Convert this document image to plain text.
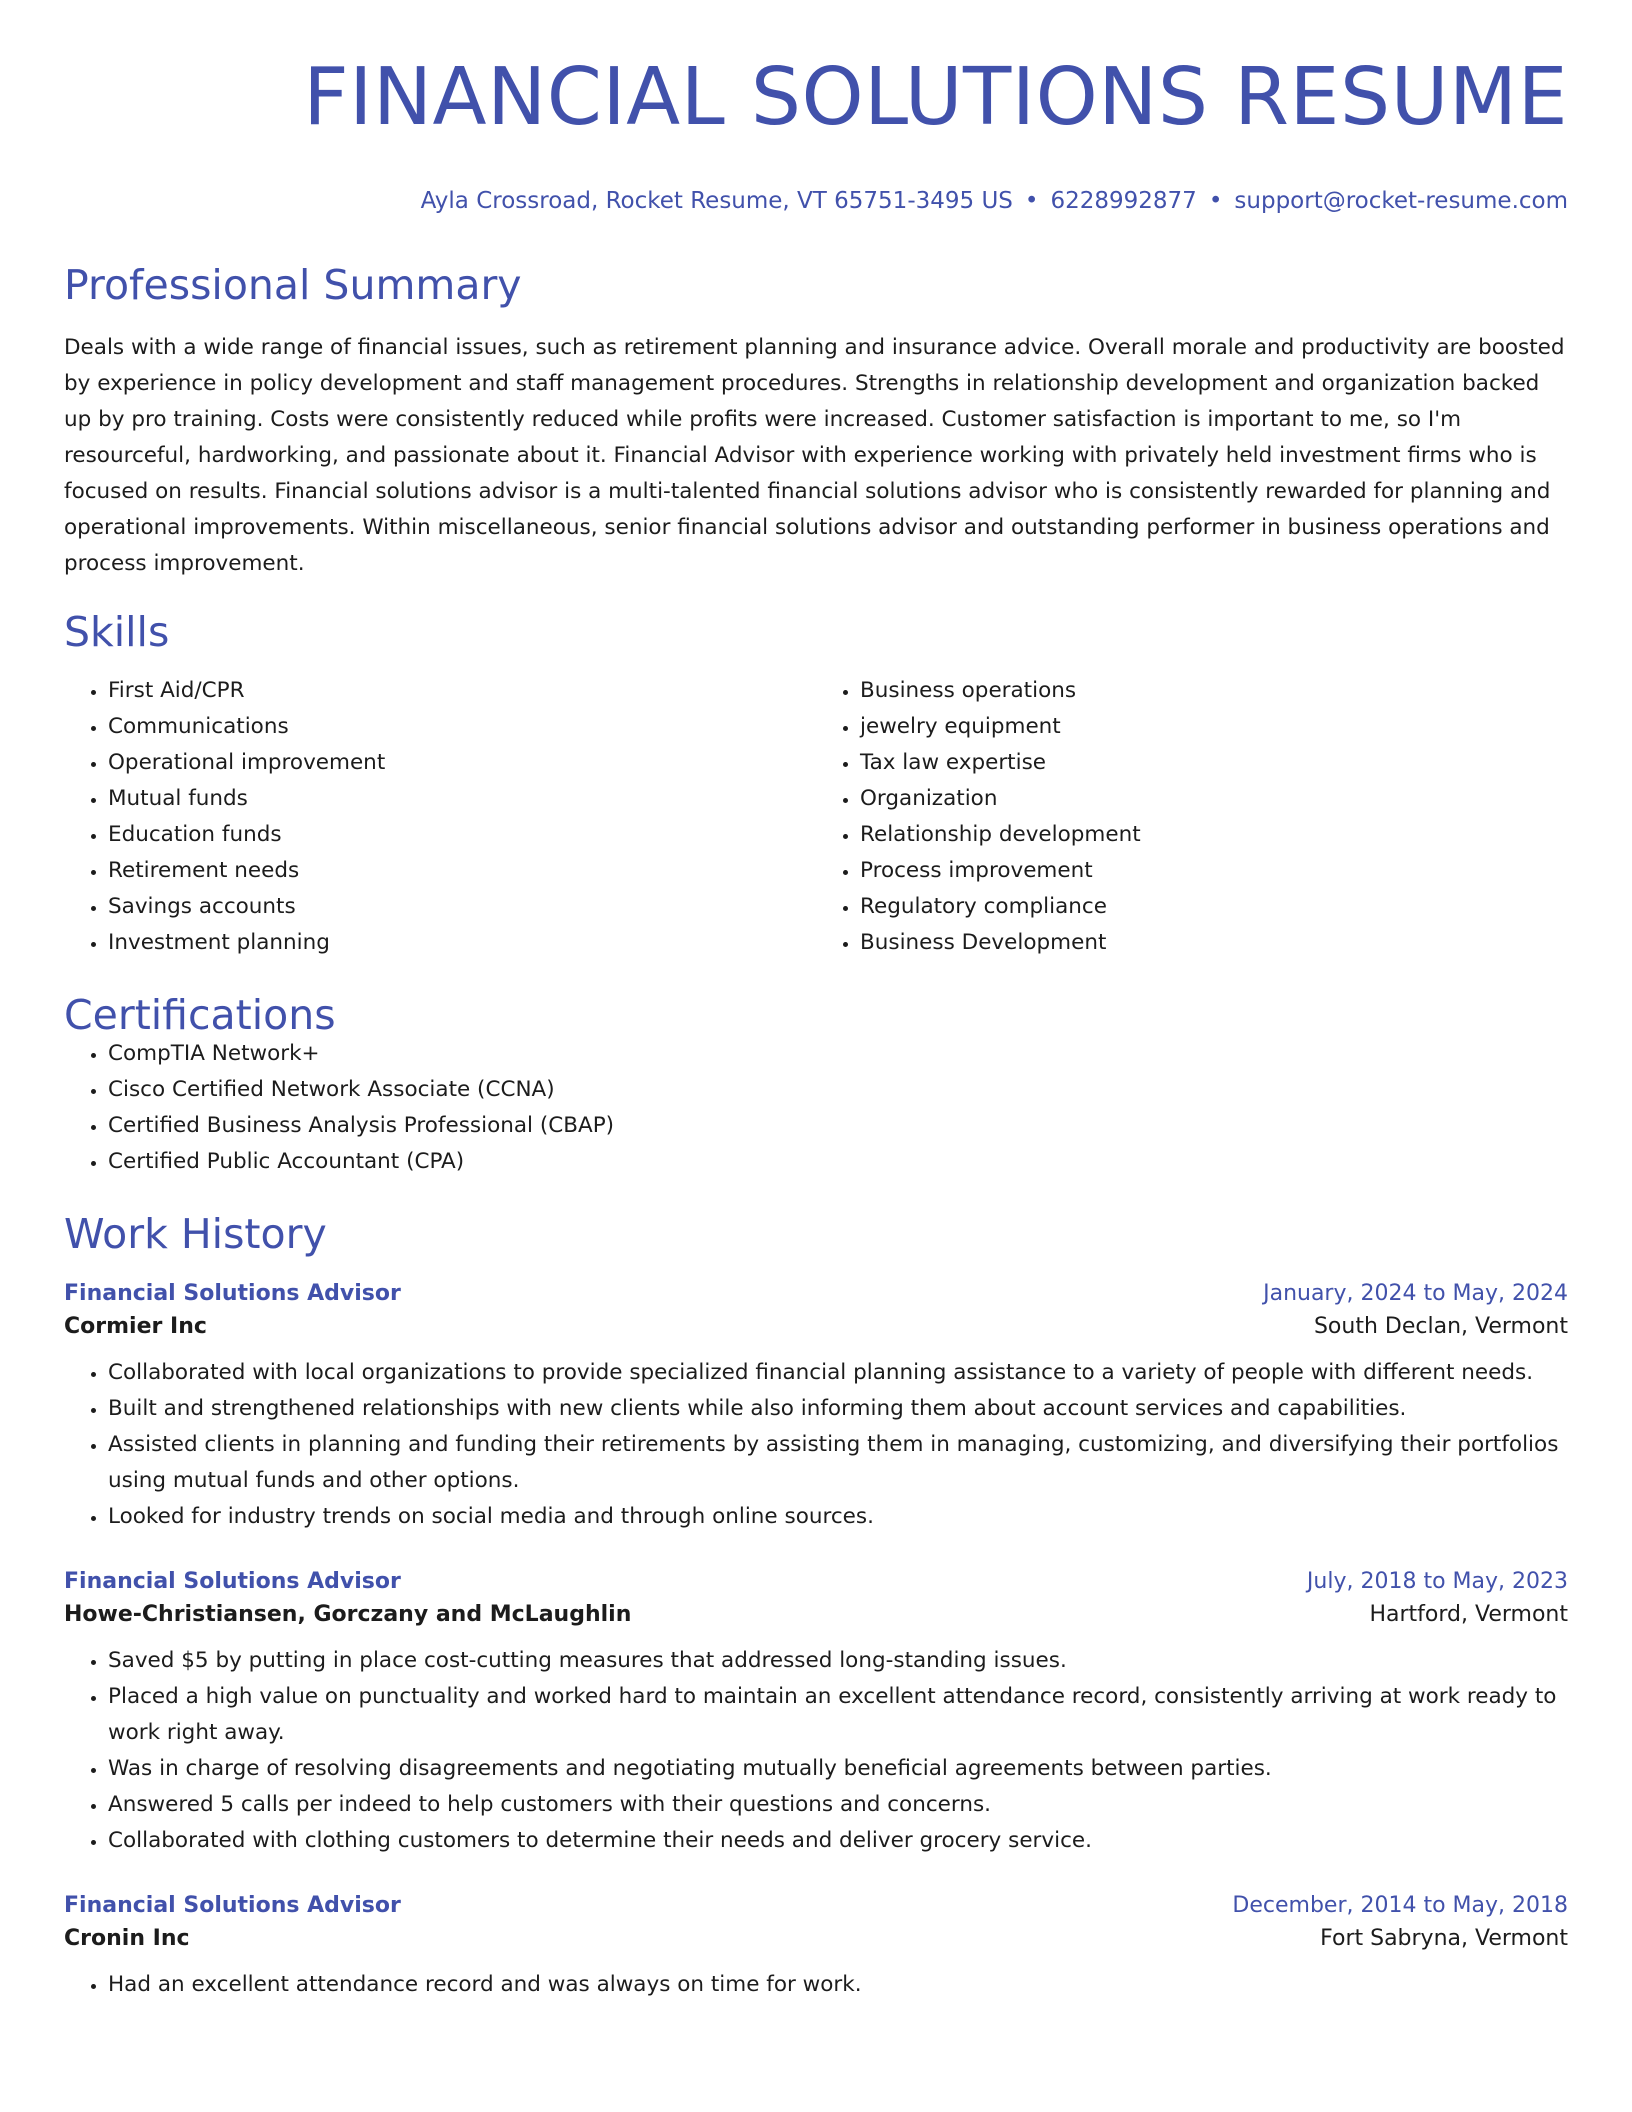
FINANCIAL SOLUTIONS RESUME
Ayla Crossroad, Rocket Resume, VT 65751-3495 US • 6228992877 • support@rocket-resume.com
Professional Summary

Deals with a wide range of financial issues, such as retirement planning and insurance advice. Overall morale and productivity are boosted by experience in policy development and staff management procedures. Strengths in relationship development and organization backed up by pro training. Costs were consistently reduced while profits were increased. Customer satisfaction is important to me, so I'm resourceful, hardworking, and passionate about it. Financial Advisor with experience working with privately held investment firms who is focused on results. Financial solutions advisor is a multi-talented financial solutions advisor who is consistently rewarded for planning and operational improvements. Within miscellaneous, senior financial solutions advisor and outstanding performer in business operations and process improvement.

Skills
• First Aid/CPR
• Communications
• Operational improvement
• Mutual funds
• Education funds
• Retirement needs
• Savings accounts
• Investment planning
• Business operations
• jewelry equipment
• Tax law expertise
• Organization
• Relationship development
• Process improvement
• Regulatory compliance
• Business Development
Certifications
• CompTIA Network+
• Cisco Certified Network Associate (CCNA)
• Certified Business Analysis Professional (CBAP)
• Certified Public Accountant (CPA)
Work History
Financial Solutions Advisor	January, 2024 to May, 2024
Cormier Inc	South Declan, Vermont
• Collaborated with local organizations to provide specialized financial planning assistance to a variety of people with different needs.
• Built and strengthened relationships with new clients while also informing them about account services and capabilities.
• Assisted clients in planning and funding their retirements by assisting them in managing, customizing, and diversifying their portfolios using mutual funds and other options.
• Looked for industry trends on social media and through online sources.
Financial Solutions Advisor	July, 2018 to May, 2023
Howe-Christiansen, Gorczany and McLaughlin	Hartford, Vermont
• Saved $5 by putting in place cost-cutting measures that addressed long-standing issues.
• Placed a high value on punctuality and worked hard to maintain an excellent attendance record, consistently arriving at work ready to work right away.
• Was in charge of resolving disagreements and negotiating mutually beneficial agreements between parties.
• Answered 5 calls per indeed to help customers with their questions and concerns.
• Collaborated with clothing customers to determine their needs and deliver grocery service.
Financial Solutions Advisor	December, 2014 to May, 2018
Cronin Inc	Fort Sabryna, Vermont
• Had an excellent attendance record and was always on time for work.
